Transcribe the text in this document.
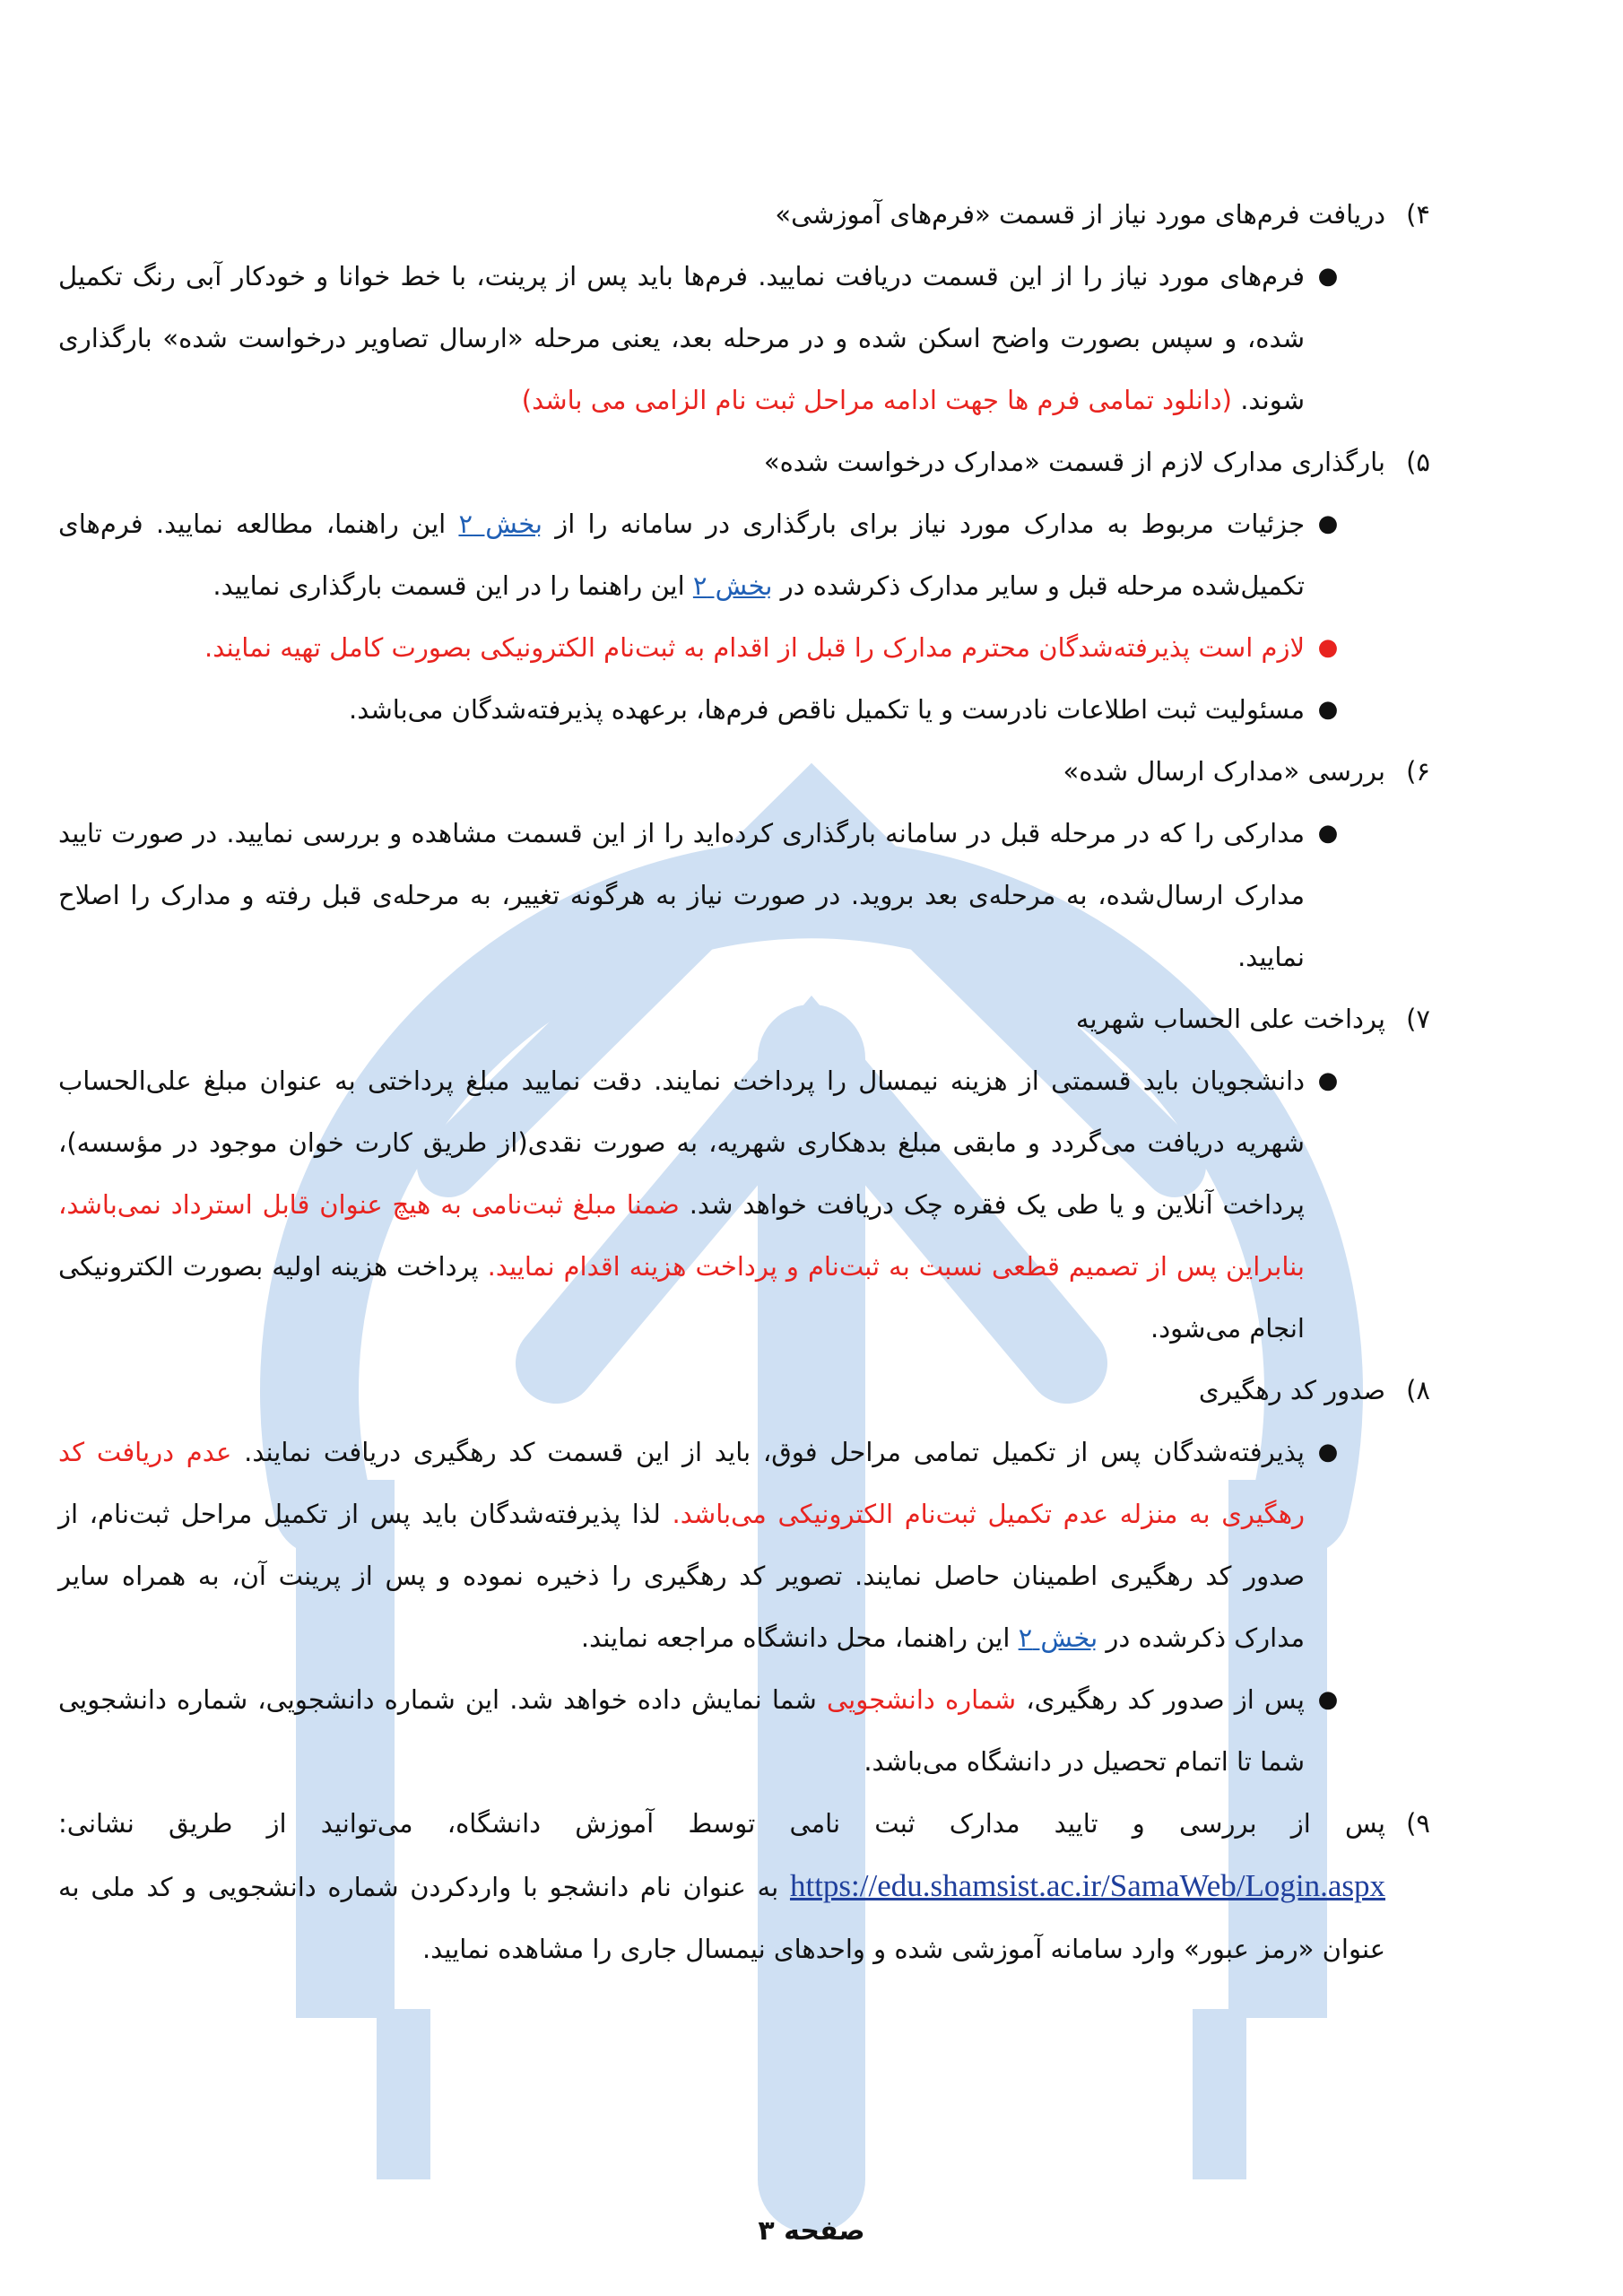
۴)
دریافت فرم‌های مورد نیاز از قسمت «فرم‌های آموزشی»
●
فرم‌های مورد نیاز را از این قسمت دریافت نمایید. فرم‌ها باید پس از پرینت، با خط خوانا و خودکار آبی رنگ تکمیل شده، و سپس بصورت واضح اسکن شده و در مرحله بعد، یعنی مرحله «ارسال تصاویر درخواست شده» بارگذاری شوند. (دانلود تمامی فرم ها جهت ادامه مراحل ثبت نام الزامی می باشد)
۵)
بارگذاری مدارک لازم از قسمت «مدارک درخواست شده»
●
جزئیات مربوط به مدارک مورد نیاز برای بارگذاری در سامانه را از بخش ۲ این راهنما، مطالعه نمایید. فرم‌های تکمیل‌شده مرحله قبل و سایر مدارک ذکرشده در بخش ۲ این راهنما را در این قسمت بارگذاری نمایید.
●
لازم است پذیرفته‌شدگان محترم مدارک را قبل از اقدام به ثبت‌نام الکترونیکی بصورت کامل تهیه نمایند.
●
مسئولیت ثبت اطلاعات نادرست و یا تکمیل ناقص فرم‌ها، برعهده پذیرفته‌شدگان می‌باشد.
۶)
بررسی «مدارک ارسال شده»
●
مدارکی را که در مرحله قبل در سامانه بارگذاری کرده‌اید را از این قسمت مشاهده و بررسی نمایید. در صورت تایید مدارک ارسال‌شده، به مرحله‌ی بعد بروید. در صورت نیاز به هرگونه تغییر، به مرحله‌ی قبل رفته و مدارک را اصلاح نمایید.
۷)
پرداخت علی الحساب شهریه
●
دانشجویان باید قسمتی از هزینه نیمسال را پرداخت نمایند. دقت نمایید مبلغ پرداختی به عنوان مبلغ علی‌الحساب شهریه دریافت می‌گردد و مابقی مبلغ بدهکاری شهریه، به صورت نقدی(از طریق کارت خوان موجود در مؤسسه)، پرداخت آنلاین و یا طی یک فقره چک دریافت خواهد شد. ضمنا مبلغ ثبت‌نامی به هیچ عنوان قابل استرداد نمی‌باشد، بنابراین پس از تصمیم قطعی نسبت به ثبت‌نام و پرداخت هزینه اقدام نمایید. پرداخت هزینه اولیه بصورت الکترونیکی انجام می‌شود.
۸)
صدور کد رهگیری
●
پذیرفته‌شدگان پس از تکمیل تمامی مراحل فوق، باید از این قسمت کد رهگیری دریافت نمایند. عدم دریافت کد رهگیری به منزله عدم تکمیل ثبت‌نام الکترونیکی می‌باشد. لذا پذیرفته‌شدگان باید پس از تکمیل مراحل ثبت‌نام، از صدور کد رهگیری اطمینان حاصل نمایند. تصویر کد رهگیری را ذخیره نموده و پس از پرینت آن، به همراه سایر مدارک ذکرشده در بخش ۲ این راهنما، محل دانشگاه مراجعه نمایند.
●
پس از صدور کد رهگیری، شماره دانشجویی شما نمایش داده خواهد شد. این شماره دانشجویی، شماره دانشجویی شما تا اتمام تحصیل در دانشگاه می‌باشد.
۹)
پس از بررسی و تایید مدارک ثبت نامی توسط آموزش دانشگاه، می‌توانید از طریق نشانی: https://edu.shamsist.ac.ir/SamaWeb/Login.aspx به عنوان نام دانشجو با واردکردن شماره دانشجویی و کد ملی به عنوان «رمز عبور» وارد سامانه آموزشی شده و واحدهای نیمسال جاری را مشاهده نمایید.
صفحه ۳
